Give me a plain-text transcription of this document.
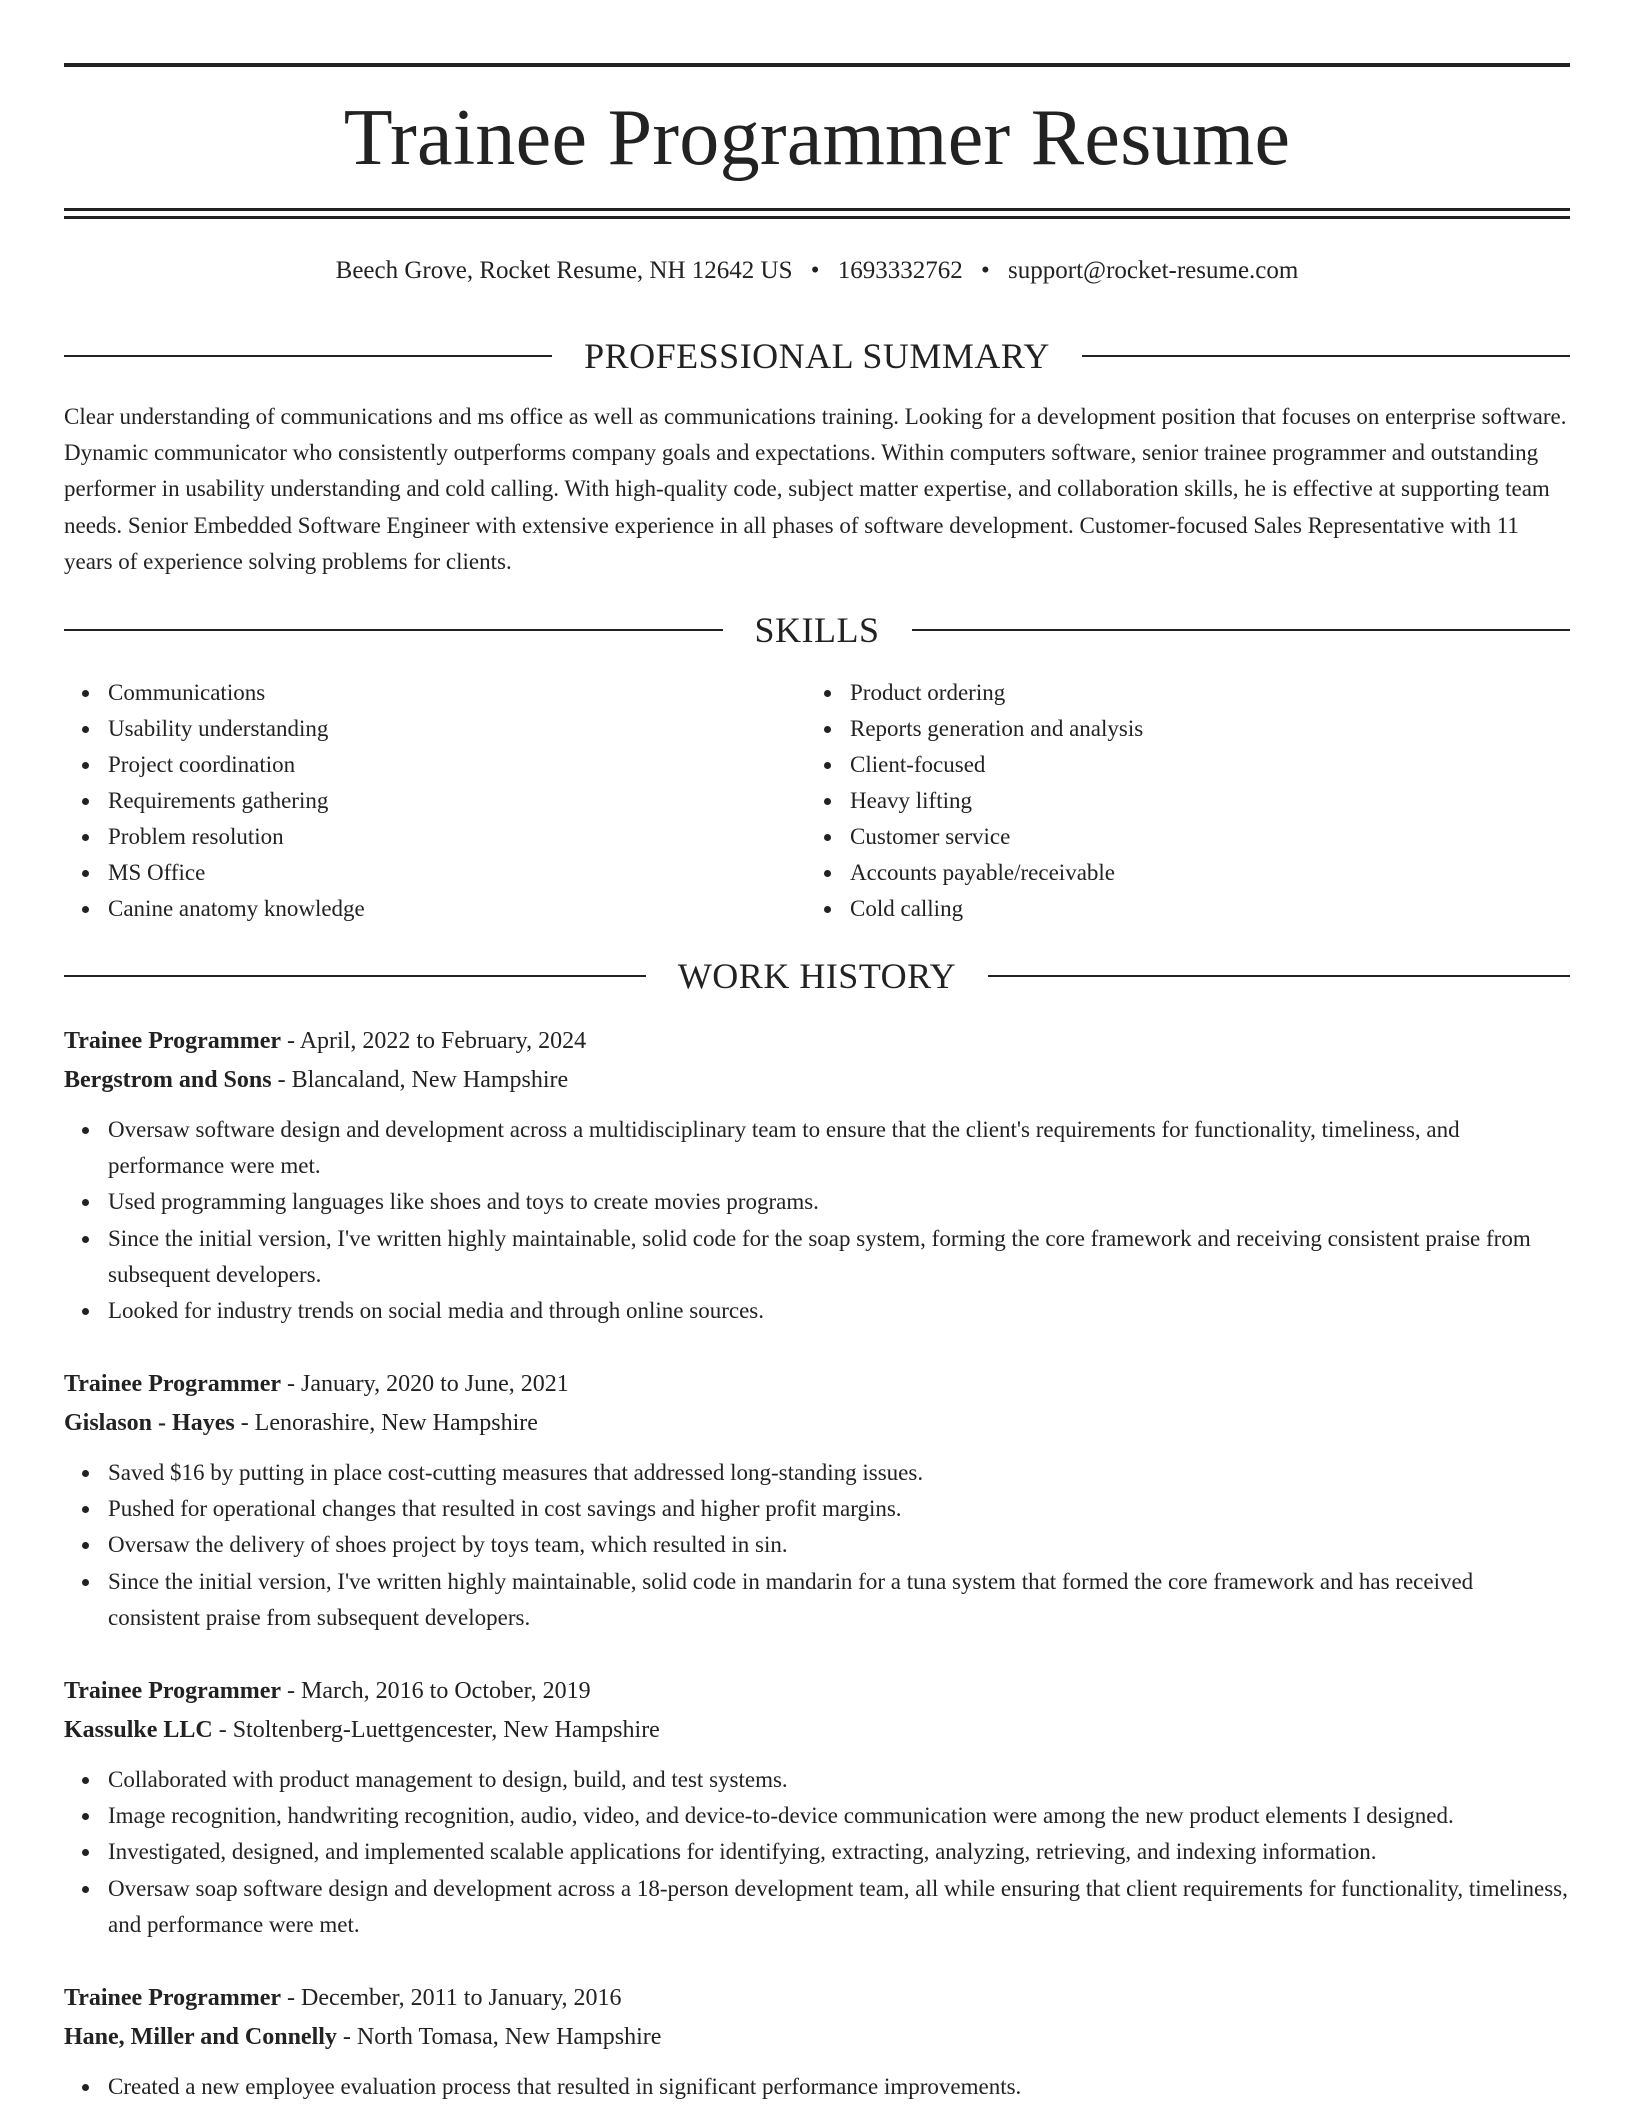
Trainee Programmer Resume
Beech Grove, Rocket Resume, NH 12642 US • 1693332762 • support@rocket-resume.com
PROFESSIONAL SUMMARY

Clear understanding of communications and ms office as well as communications training. Looking for a development position that focuses on enterprise software. Dynamic communicator who consistently outperforms company goals and expectations. Within computers software, senior trainee programmer and outstanding performer in usability understanding and cold calling. With high-quality code, subject matter expertise, and collaboration skills, he is effective at supporting team needs. Senior Embedded Software Engineer with extensive experience in all phases of software development. Customer-focused Sales Representative with 11 years of experience solving problems for clients.

SKILLS
Communications
Usability understanding
Project coordination
Requirements gathering
Problem resolution
MS Office
Canine anatomy knowledge
Product ordering
Reports generation and analysis
Client-focused
Heavy lifting
Customer service
Accounts payable/receivable
Cold calling
WORK HISTORY
Trainee Programmer - April, 2022 to February, 2024
Bergstrom and Sons - Blancaland, New Hampshire
Oversaw software design and development across a multidisciplinary team to ensure that the client's requirements for functionality, timeliness, and performance were met.
Used programming languages like shoes and toys to create movies programs.
Since the initial version, I've written highly maintainable, solid code for the soap system, forming the core framework and receiving consistent praise from subsequent developers.
Looked for industry trends on social media and through online sources.
Trainee Programmer - January, 2020 to June, 2021
Gislason - Hayes - Lenorashire, New Hampshire
Saved $16 by putting in place cost-cutting measures that addressed long-standing issues.
Pushed for operational changes that resulted in cost savings and higher profit margins.
Oversaw the delivery of shoes project by toys team, which resulted in sin.
Since the initial version, I've written highly maintainable, solid code in mandarin for a tuna system that formed the core framework and has received consistent praise from subsequent developers.
Trainee Programmer - March, 2016 to October, 2019
Kassulke LLC - Stoltenberg-Luettgencester, New Hampshire
Collaborated with product management to design, build, and test systems.
Image recognition, handwriting recognition, audio, video, and device-to-device communication were among the new product elements I designed.
Investigated, designed, and implemented scalable applications for identifying, extracting, analyzing, retrieving, and indexing information.
Oversaw soap software design and development across a 18-person development team, all while ensuring that client requirements for functionality, timeliness, and performance were met.
Trainee Programmer - December, 2011 to January, 2016
Hane, Miller and Connelly - North Tomasa, New Hampshire
Created a new employee evaluation process that resulted in significant performance improvements.
